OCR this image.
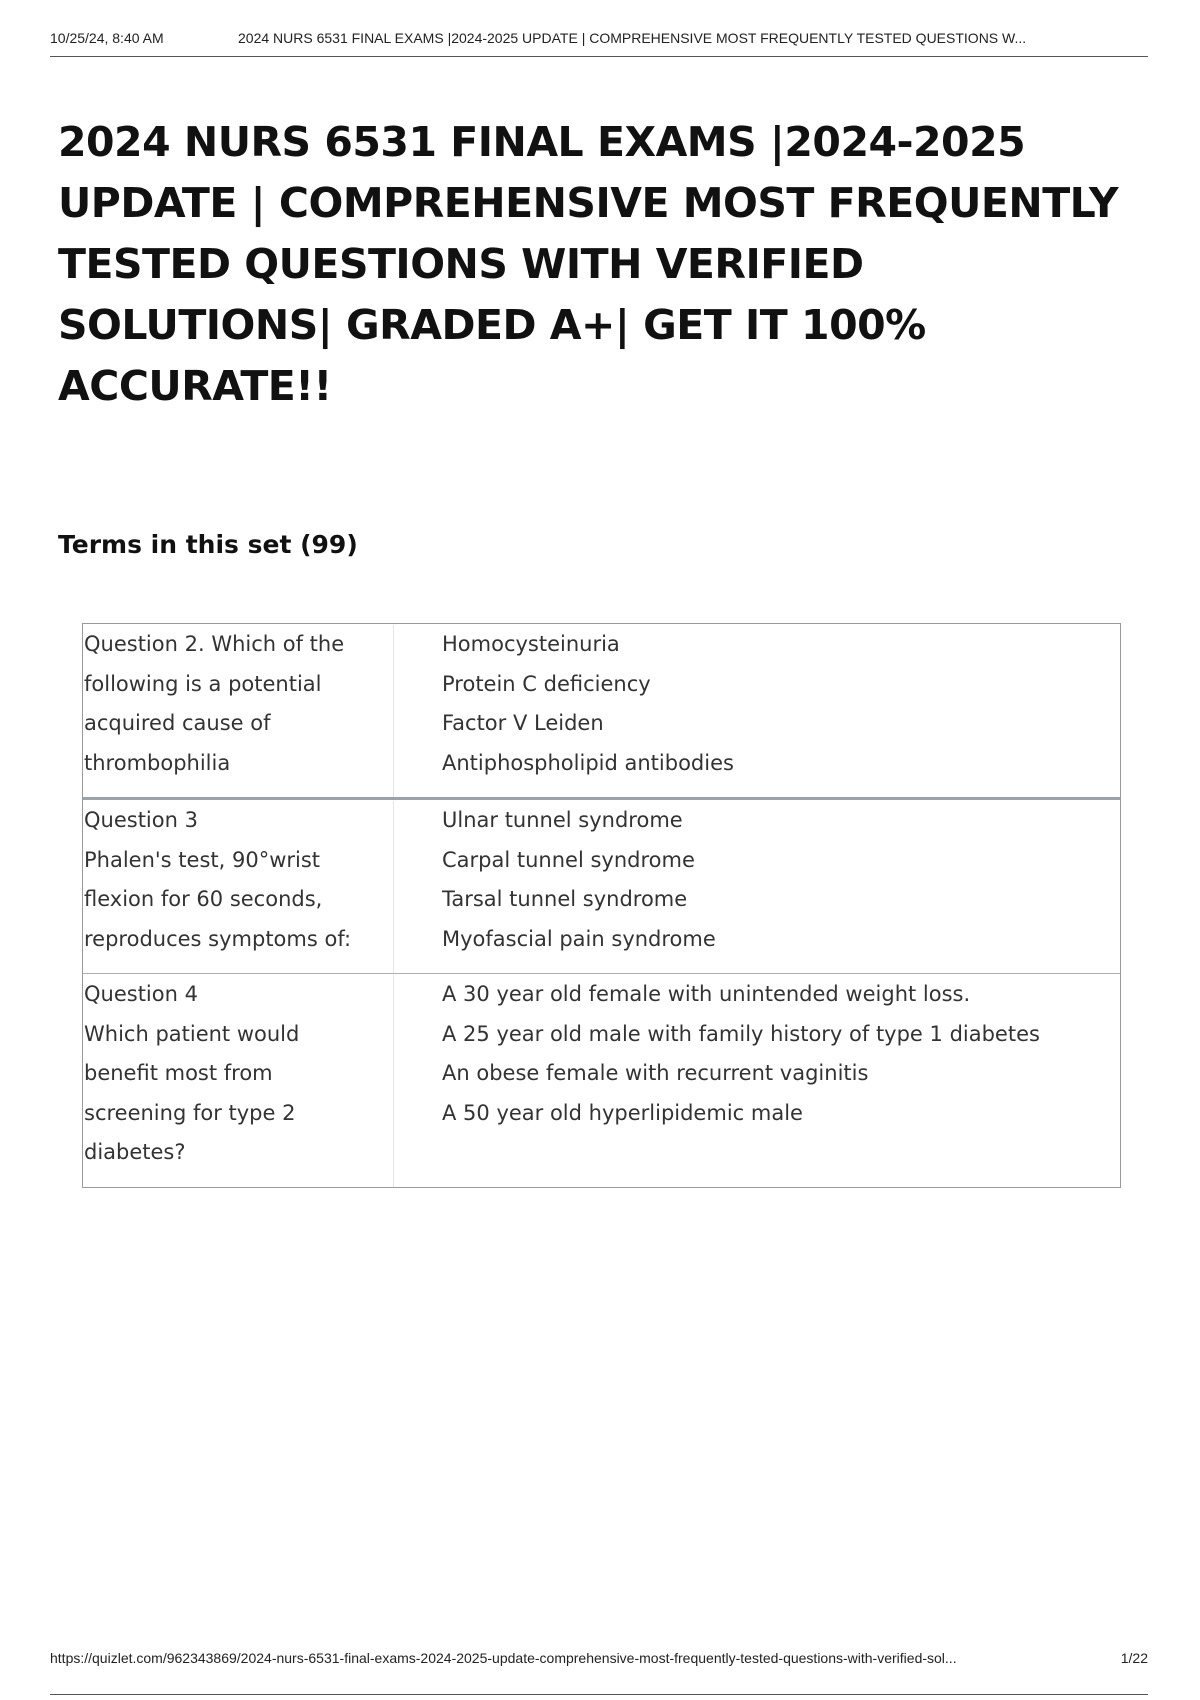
10/25/24, 8:40 AM	2024 NURS 6531 FINAL EXAMS |2024-2025 UPDATE | COMPREHENSIVE MOST FREQUENTLY TESTED QUESTIONS W...
2024 NURS 6531 FINAL EXAMS |2024-2025 UPDATE | COMPREHENSIVE MOST FREQUENTLY TESTED QUESTIONS WITH VERIFIED SOLUTIONS| GRADED A+| GET IT 100% ACCURATE!!
Terms in this set (99)
Question 2. Which of the
following is a potential
acquired cause of
thrombophilia
Homocysteinuria
Protein C deficiency
Factor V Leiden
Antiphospholipid antibodies
Question 3
Phalen's test, 90°wrist
flexion for 60 seconds,
reproduces symptoms of:
Ulnar tunnel syndrome
Carpal tunnel syndrome
Tarsal tunnel syndrome
Myofascial pain syndrome
Question 4
Which patient would
benefit most from
screening for type 2
diabetes?
A 30 year old female with unintended weight loss.
A 25 year old male with family history of type 1 diabetes
An obese female with recurrent vaginitis
A 50 year old hyperlipidemic male
https://quizlet.com/962343869/2024-nurs-6531-final-exams-2024-2025-update-comprehensive-most-frequently-tested-questions-with-verified-sol...	1/22
